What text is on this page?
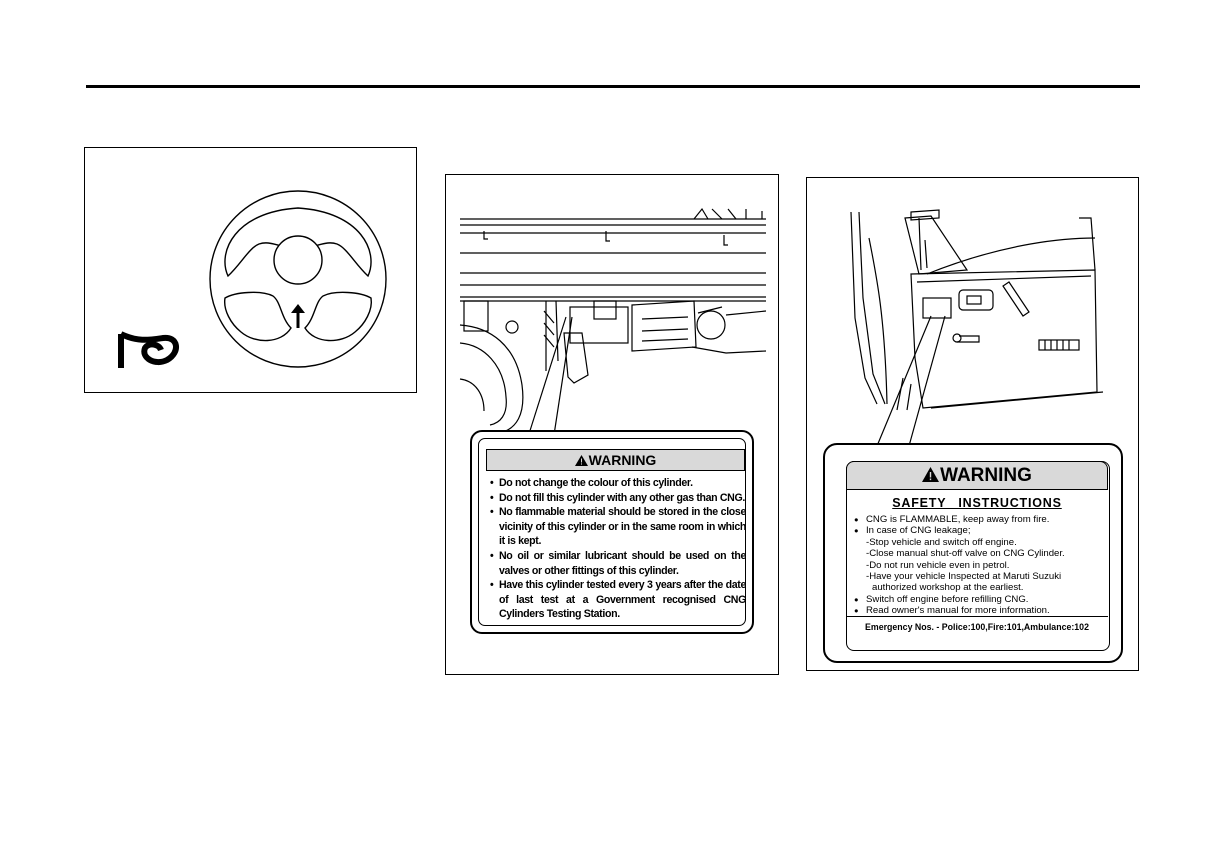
WARNING
• Do not change the colour of this cylinder.
• Do not fill this cylinder with any other gas than CNG.
• No flammable material should be stored in the close vicinity of this cylinder or in the same room in which it is kept.
• No oil or similar lubricant should be used on the valves or other fittings of this cylinder.
• Have this cylinder tested every 3 years after the date of last test at a Government recognised CNG Cylinders Testing Station.
WARNING
SAFETY INSTRUCTIONS
● CNG is FLAMMABLE, keep away from fire.
● In case of CNG leakage;
-Stop vehicle and switch off engine.
-Close manual shut-off valve on CNG Cylinder.
-Do not run vehicle even in petrol.
-Have your vehicle Inspected at Maruti Suzuki
authorized workshop at the earliest.
● Switch off engine before refilling CNG.
● Read owner's manual for more information.
Emergency Nos. - Police:100,Fire:101,Ambulance:102
